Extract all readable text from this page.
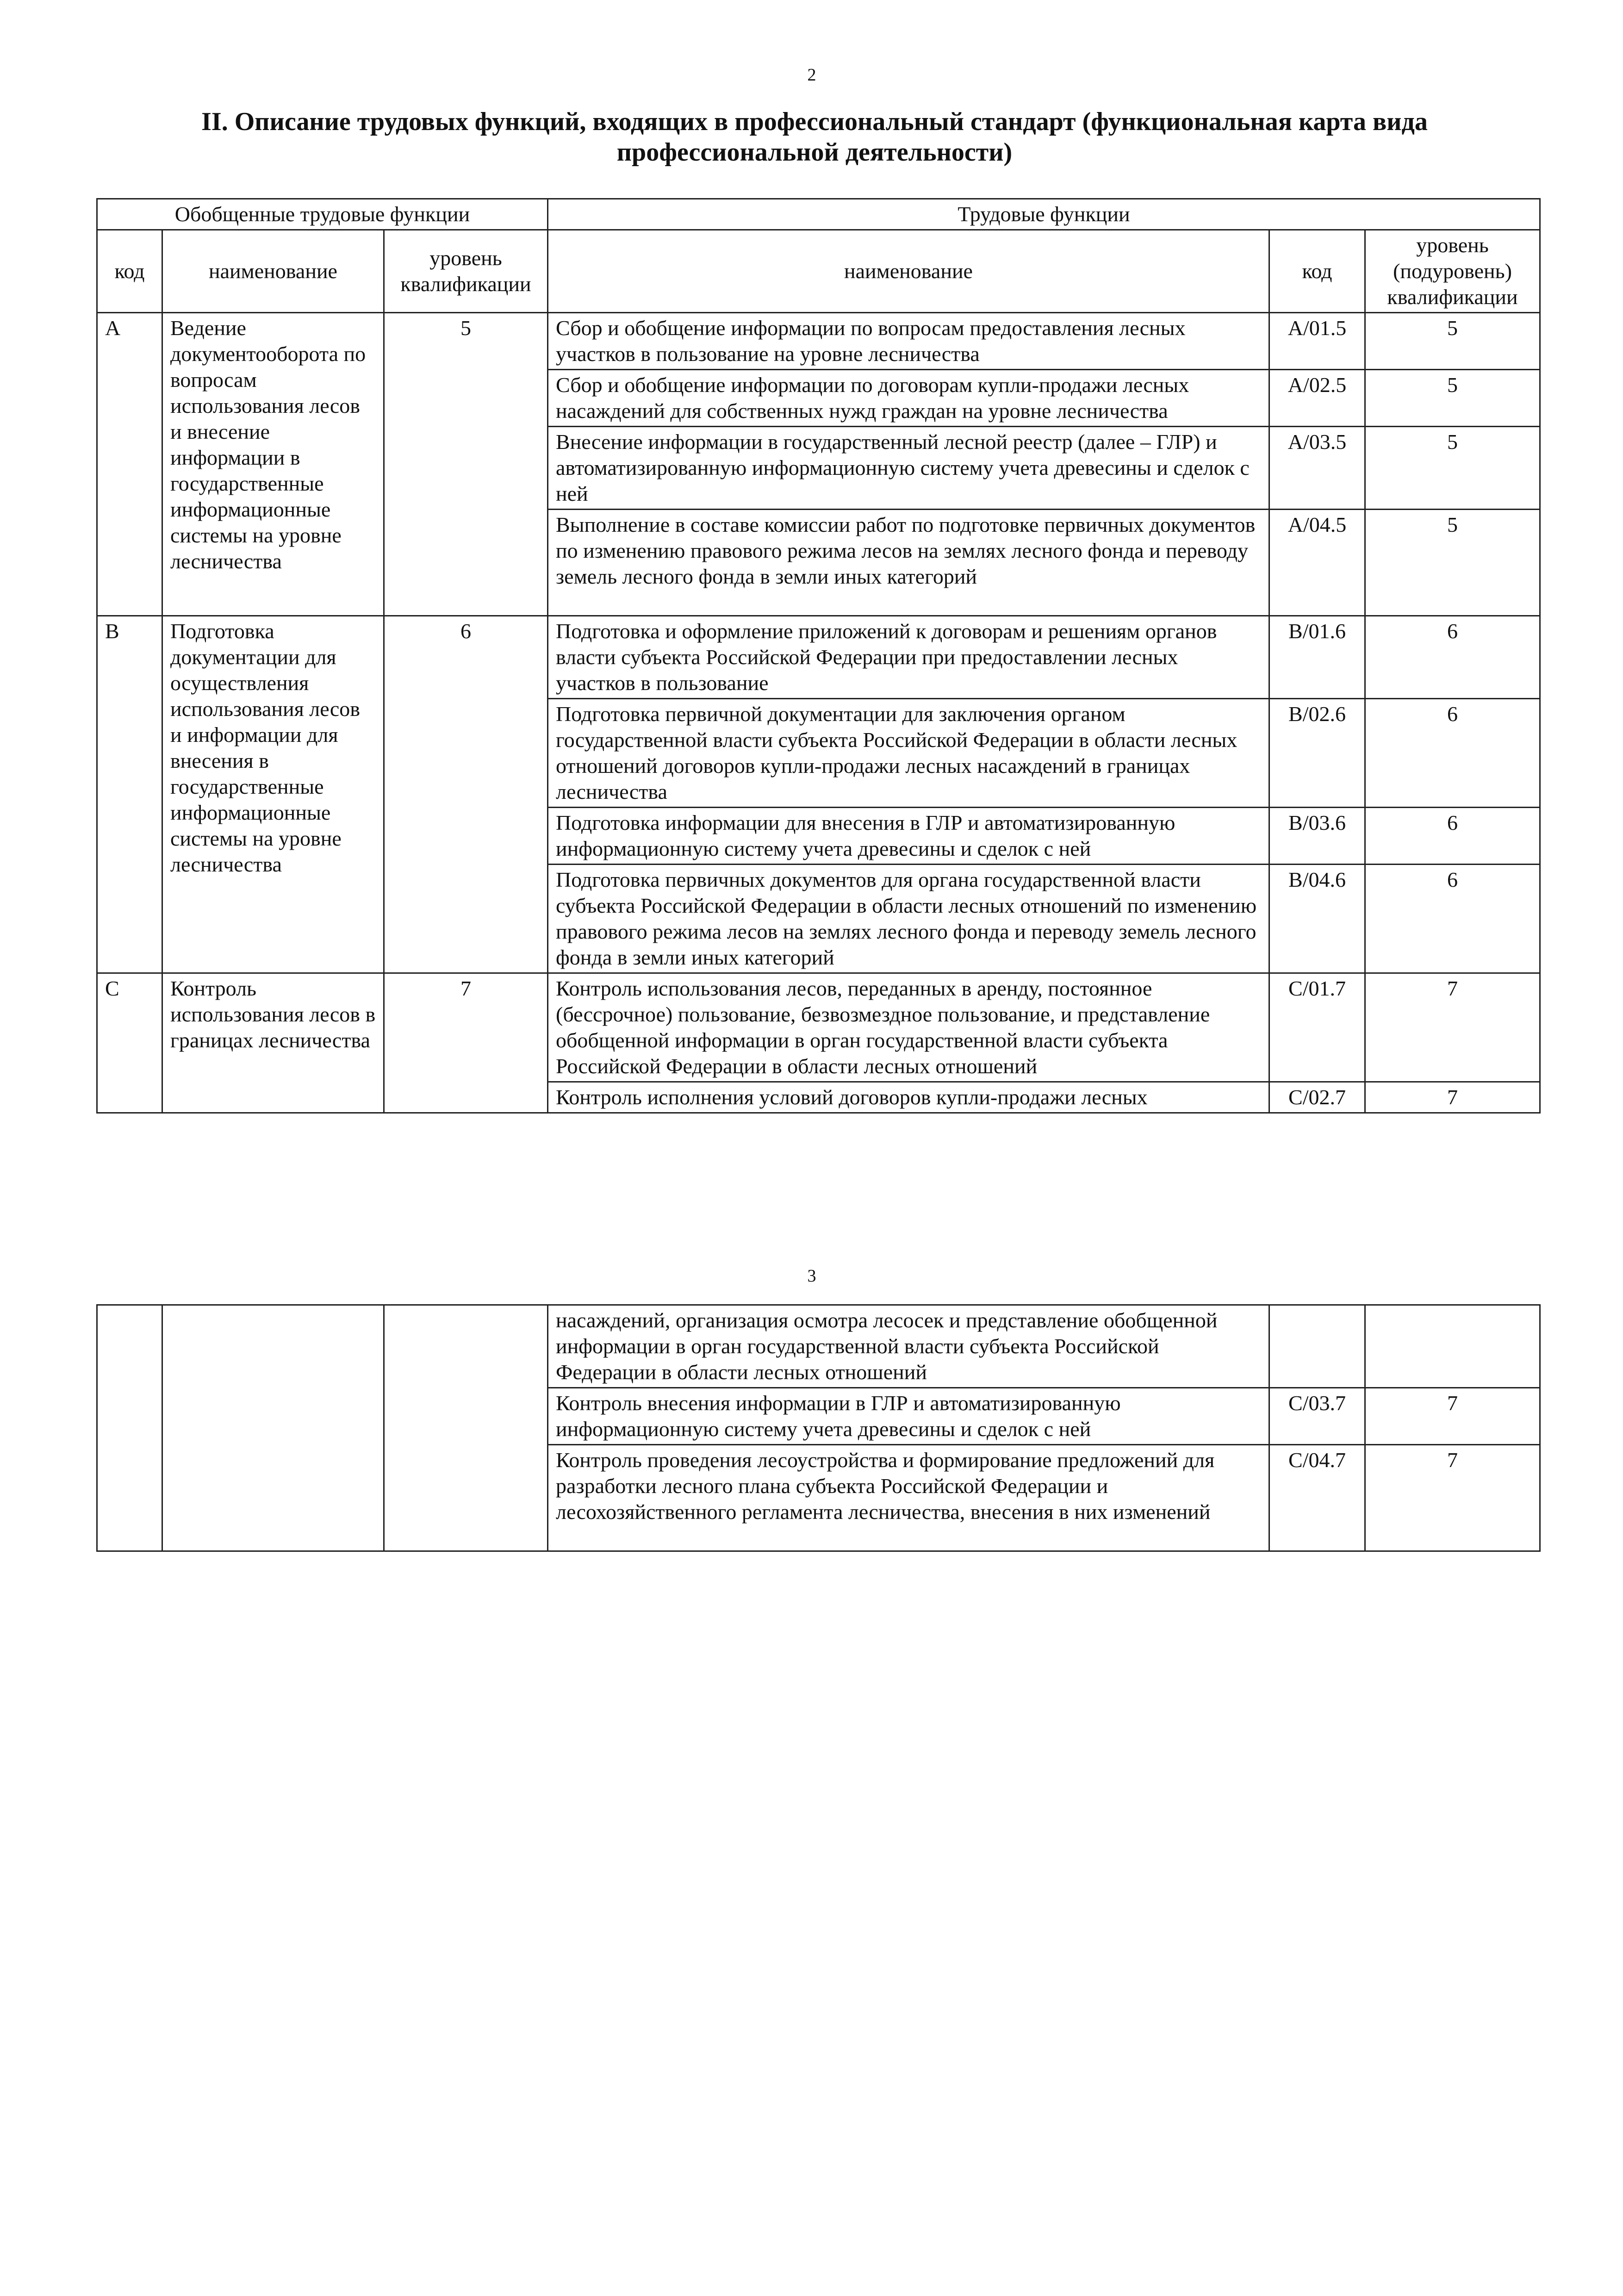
2
II. Описание трудовых функций, входящих в профессиональный стандарт (функциональная карта вида
профессиональной деятельности)
Обобщенные трудовые функции			Трудовые функции		
код	наименование	уровень квалификации	наименование	код	уровень (подуровень) квалификации
A	Ведение документооборота по вопросам использования лесов и внесение информации в государственные информационные системы на уровне лесничества	5	Сбор и обобщение информации по вопросам предоставления лесных участков в пользование на уровне лесничества	A/01.5	5
			Сбор и обобщение информации по договорам купли-продажи лесных насаждений для собственных нужд граждан на уровне лесничества	A/02.5	5
			Внесение информации в государственный лесной реестр (далее – ГЛР) и автоматизированную информационную систему учета древесины и сделок с ней	A/03.5	5
			Выполнение в составе комиссии работ по подготовке первичных документов по изменению правового режима лесов на землях лесного фонда и переводу земель лесного фонда в земли иных категорий	A/04.5	5
B	Подготовка документации для осуществления использования лесов и информации для внесения в государственные информационные системы на уровне лесничества	6	Подготовка и оформление приложений к договорам и решениям органов власти субъекта Российской Федерации при предоставлении лесных участков в пользование	B/01.6	6
			Подготовка первичной документации для заключения органом государственной власти субъекта Российской Федерации в области лесных отношений договоров купли-продажи лесных насаждений в границах лесничества	B/02.6	6
			Подготовка информации для внесения в ГЛР и автоматизированную информационную систему учета древесины и сделок с ней	B/03.6	6
			Подготовка первичных документов для органа государственной власти субъекта Российской Федерации в области лесных отношений по изменению правового режима лесов на землях лесного фонда и переводу земель лесного фонда в земли иных категорий	B/04.6	6
C	Контроль использования лесов в границах лесничества	7	Контроль использования лесов, переданных в аренду, постоянное (бессрочное) пользование, безвозмездное пользование, и представление обобщенной информации в орган государственной власти субъекта Российской Федерации в области лесных отношений	C/01.7	7
			Контроль исполнения условий договоров купли-продажи лесных	C/02.7	7
3
			насаждений, организация осмотра лесосек и представление обобщенной информации в орган государственной власти субъекта Российской Федерации в области лесных отношений		
			Контроль внесения информации в ГЛР и автоматизированную информационную систему учета древесины и сделок с ней	C/03.7	7
			Контроль проведения лесоустройства и формирование предложений для разработки лесного плана субъекта Российской Федерации и лесохозяйственного регламента лесничества, внесения в них изменений	C/04.7	7
